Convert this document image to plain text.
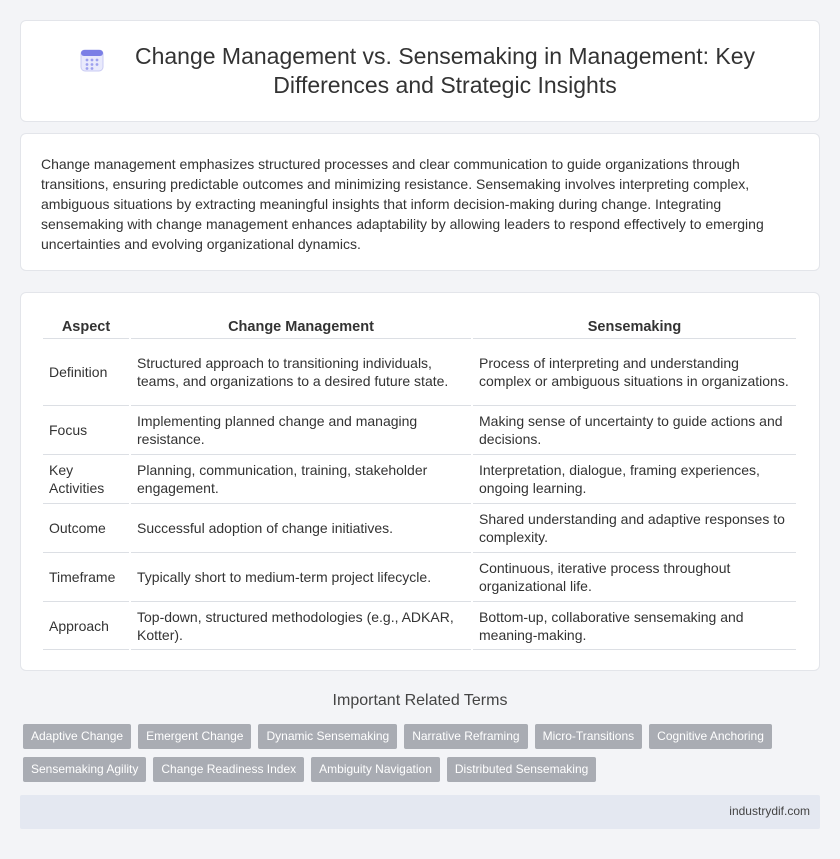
Change Management vs. Sensemaking in Management: Key Differences and Strategic Insights

Change management emphasizes structured processes and clear communication to guide organizations through transitions, ensuring predictable outcomes and minimizing resistance. Sensemaking involves interpreting complex, ambiguous situations by extracting meaningful insights that inform decision-making during change. Integrating sensemaking with change management enhances adaptability by allowing leaders to respond effectively to emerging uncertainties and evolving organizational dynamics.

Aspect	Change Management	Sensemaking
Definition	Structured approach to transitioning individuals, teams, and organizations to a desired future state.	Process of interpreting and understanding complex or ambiguous situations in organizations.
Focus	Implementing planned change and managing resistance.	Making sense of uncertainty to guide actions and decisions.
Key Activities	Planning, communication, training, stakeholder engagement.	Interpretation, dialogue, framing experiences, ongoing learning.
Outcome	Successful adoption of change initiatives.	Shared understanding and adaptive responses to complexity.
Timeframe	Typically short to medium-term project lifecycle.	Continuous, iterative process throughout organizational life.
Approach	Top-down, structured methodologies (e.g., ADKAR, Kotter).	Bottom-up, collaborative sensemaking and meaning-making.
Important Related Terms
Adaptive Change	Emergent Change	Dynamic Sensemaking	Narrative Reframing	Micro-Transitions	Cognitive Anchoring
Sensemaking Agility	Change Readiness Index	Ambiguity Navigation	Distributed Sensemaking
industrydif.com
